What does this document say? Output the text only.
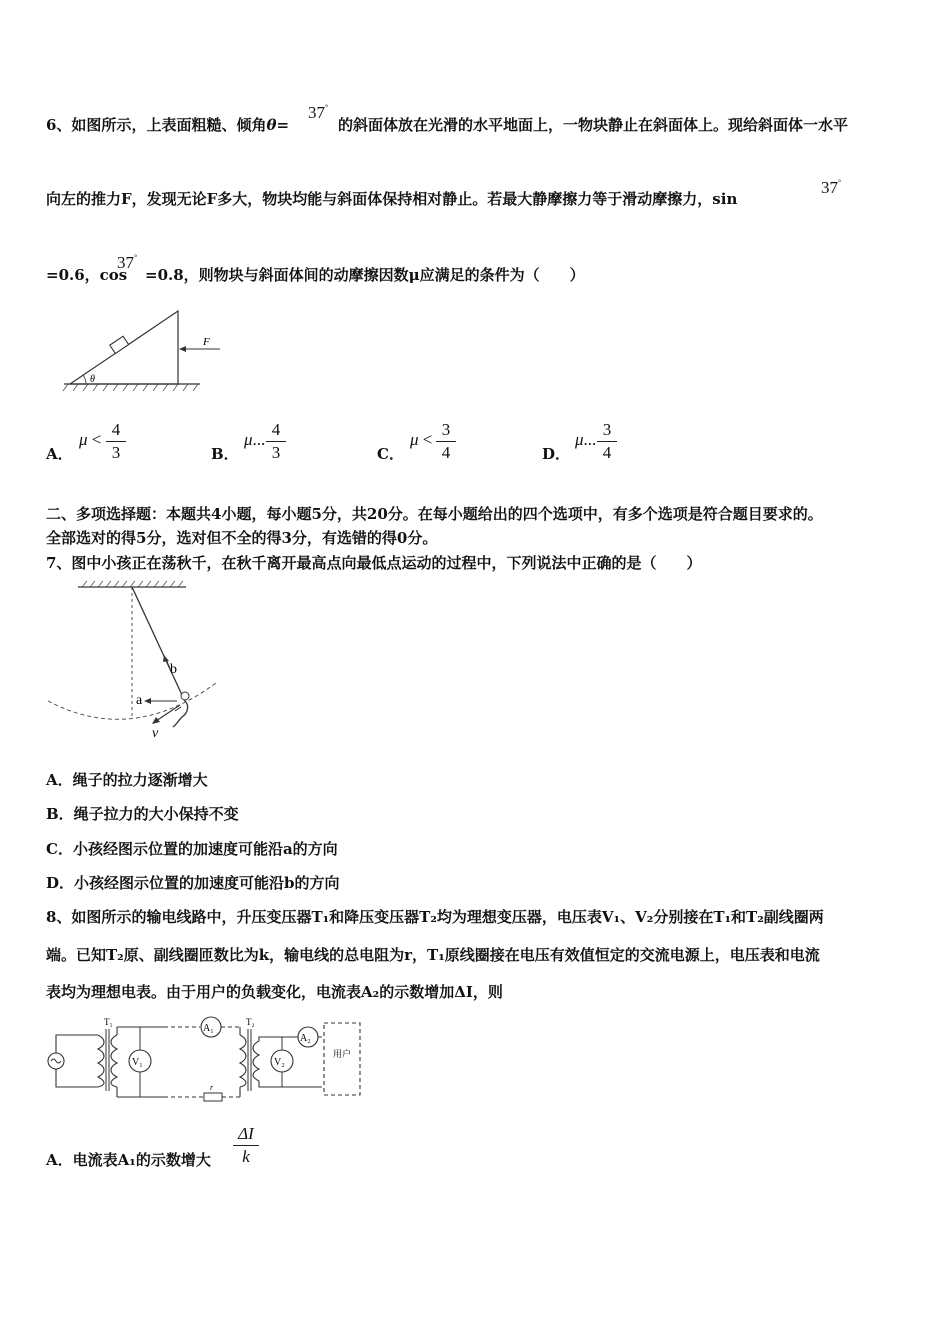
6、如图所示，上表面粗糙、倾角θ=
37°
的斜面体放在光滑的水平地面上，一物块静止在斜面体上。现给斜面体一水平
向左的推力F，发现无论F多大，物块均能与斜面体保持相对静止。若最大静摩擦力等于滑动摩擦力，sin
37°
=0.6，cos
37°
=0.8，则物块与斜面体间的动摩擦因数μ应满足的条件为（　　）
θ
F
A．
$\mu < \frac{4}{3}$	B．
μ... $\frac{4}{3}$	C．
$\mu < \frac{3}{4}$	D．
μ... $\frac{3}{4}$
二、多项选择题：本题共4小题，每小题5分，共20分。在每小题给出的四个选项中，有多个选项是符合题目要求的。
全部选对的得5分，选对但不全的得3分，有选错的得0分。
7、图中小孩正在荡秋千，在秋千离开最高点向最低点运动的过程中，下列说法中正确的是（　　）
b
a
v
A．绳子的拉力逐渐增大
B．绳子拉力的大小保持不变
C．小孩经图示位置的加速度可能沿a的方向
D．小孩经图示位置的加速度可能沿b的方向
8、如图所示的输电线路中，升压变压器T₁和降压变压器T₂均为理想变压器，电压表V₁、V₂分别接在T₁和T₂副线圈两
端。已知T₂原、副线圈匝数比为k，输电线的总电阻为r，T₁原线圈接在电压有效值恒定的交流电源上，电压表和电流
表均为理想电表。由于用户的负载变化，电流表A₂的示数增加ΔI，则
T₁
V₁
A₁
r
T₂
V₂
A₂
用户
A．电流表A₁的示数增大 $\frac{\Delta I}{k}$
